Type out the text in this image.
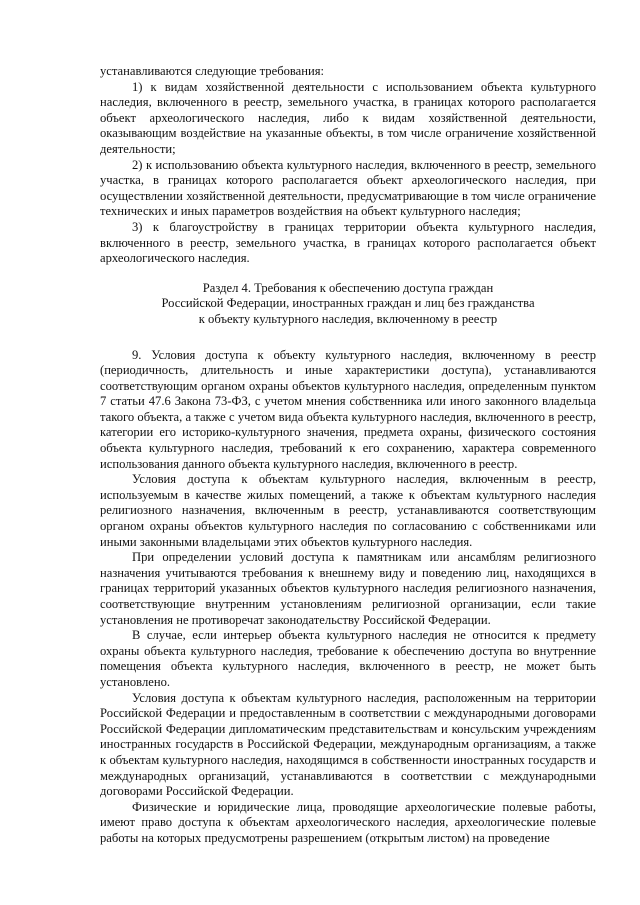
устанавливаются следующие требования:

1) к видам хозяйственной деятельности с использованием объекта культурного наследия, включенного в реестр, земельного участка, в границах которого располагается объект археологического наследия, либо к видам хозяйственной деятельности, оказывающим воздействие на указанные объекты, в том числе ограничение хозяйственной деятельности;

2) к использованию объекта культурного наследия, включенного в реестр, земельного участка, в границах которого располагается объект археологического наследия, при осуществлении хозяйственной деятельности, предусматривающие в том числе ограничение технических и иных параметров воздействия на объект культурного наследия;

3) к благоустройству в границах территории объекта культурного наследия, включенного в реестр, земельного участка, в границах которого располагается объект археологического наследия.

Раздел 4. Требования к обеспечению доступа граждан
Российской Федерации, иностранных граждан и лиц без гражданства
к объекту культурного наследия, включенному в реестр

9. Условия доступа к объекту культурного наследия, включенному в реестр (периодичность, длительность и иные характеристики доступа), устанавливаются соответствующим органом охраны объектов культурного наследия, определенным пунктом 7 статьи 47.6 Закона 73-ФЗ, с учетом мнения собственника или иного законного владельца такого объекта, а также с учетом вида объекта культурного наследия, включенного в реестр, категории его историко-культурного значения, предмета охраны, физического состояния объекта культурного наследия, требований к его сохранению, характера современного использования данного объекта культурного наследия, включенного в реестр.

Условия доступа к объектам культурного наследия, включенным в реестр, используемым в качестве жилых помещений, а также к объектам культурного наследия религиозного назначения, включенным в реестр, устанавливаются соответствующим органом охраны объектов культурного наследия по согласованию с собственниками или иными законными владельцами этих объектов культурного наследия.

При определении условий доступа к памятникам или ансамблям религиозного назначения учитываются требования к внешнему виду и поведению лиц, находящихся в границах территорий указанных объектов культурного наследия религиозного назначения, соответствующие внутренним установлениям религиозной организации, если такие установления не противоречат законодательству Российской Федерации.

В случае, если интерьер объекта культурного наследия не относится к предмету охраны объекта культурного наследия, требование к обеспечению доступа во внутренние помещения объекта культурного наследия, включенного в реестр, не может быть установлено.

Условия доступа к объектам культурного наследия, расположенным на территории Российской Федерации и предоставленным в соответствии с международными договорами Российской Федерации дипломатическим представительствам и консульским учреждениям иностранных государств в Российской Федерации, международным организациям, а также к объектам культурного наследия, находящимся в собственности иностранных государств и международных организаций, устанавливаются в соответствии с международными договорами Российской Федерации.

Физические и юридические лица, проводящие археологические полевые работы, имеют право доступа к объектам археологического наследия, археологические полевые работы на которых предусмотрены разрешением (открытым листом) на проведение
